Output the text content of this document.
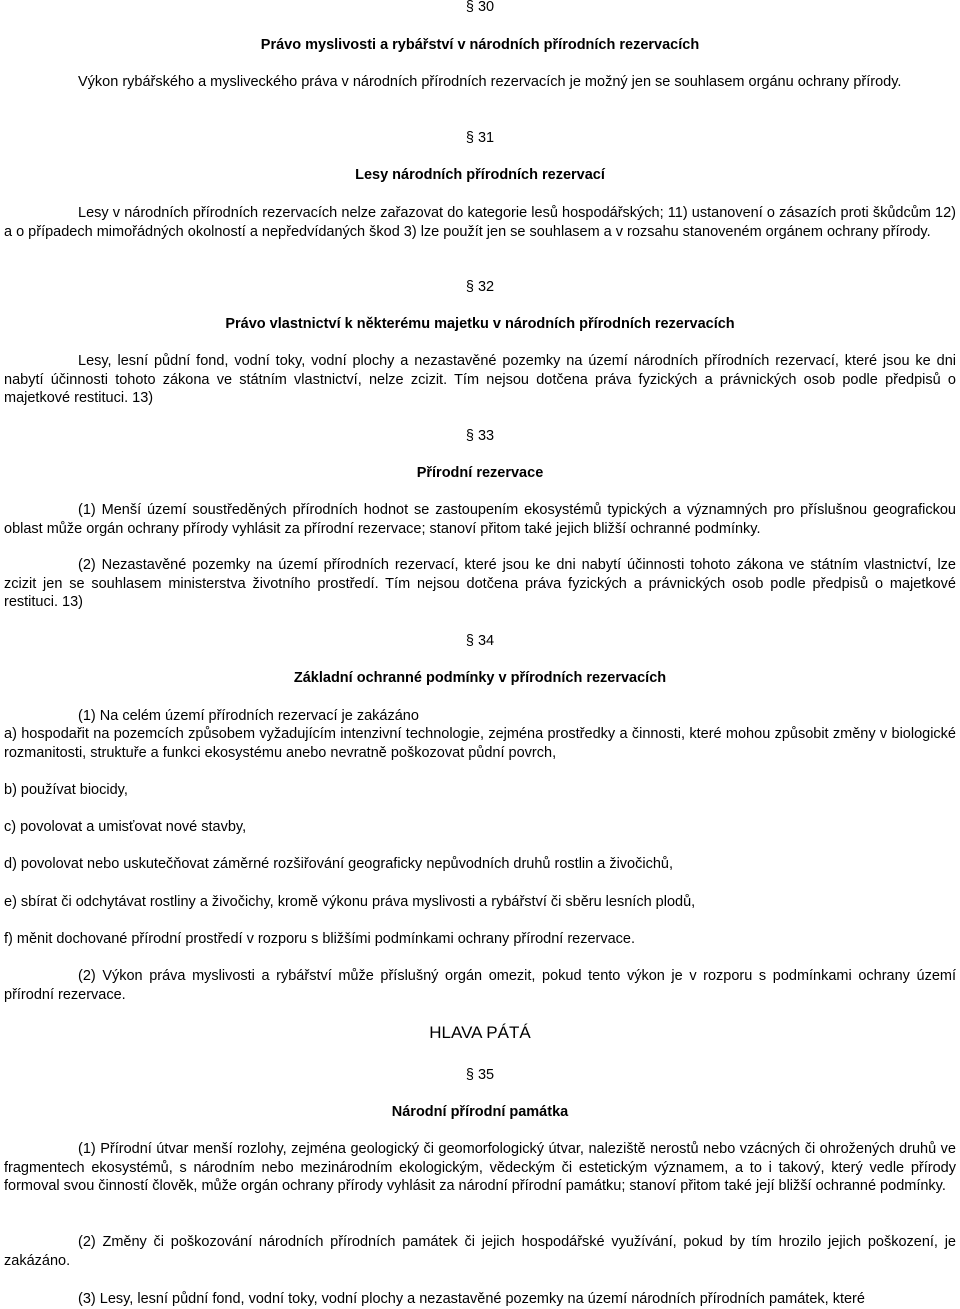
§ 30

Právo myslivosti a rybářství v národních přírodních rezervacích

Výkon rybářského a mysliveckého práva v národních přírodních rezervacích je možný jen se souhlasem orgánu ochrany přírody.

§ 31

Lesy národních přírodních rezervací

Lesy v národních přírodních rezervacích nelze zařazovat do kategorie lesů hospodářských; 11) ustanovení o zásazích proti škůdcům 12) a o případech mimořádných okolností a nepředvídaných škod 3) lze použít jen se souhlasem a v rozsahu stanoveném orgánem ochrany přírody.

§ 32

Právo vlastnictví k některému majetku v národních přírodních rezervacích

Lesy, lesní půdní fond, vodní toky, vodní plochy a nezastavěné pozemky na území národních přírodních rezervací, které jsou ke dni nabytí účinnosti tohoto zákona ve státním vlastnictví, nelze zcizit. Tím nejsou dotčena práva fyzických a právnických osob podle předpisů o majetkové restituci. 13)

§ 33

Přírodní rezervace

(1) Menší území soustředěných přírodních hodnot se zastoupením ekosystémů typických a významných pro příslušnou geografickou oblast může orgán ochrany přírody vyhlásit za přírodní rezervace; stanoví přitom také jejich bližší ochranné podmínky.

(2) Nezastavěné pozemky na území přírodních rezervací, které jsou ke dni nabytí účinnosti tohoto zákona ve státním vlastnictví, lze zcizit jen se souhlasem ministerstva životního prostředí. Tím nejsou dotčena práva fyzických a právnických osob podle předpisů o majetkové restituci. 13)

§ 34

Základní ochranné podmínky v přírodních rezervacích

(1) Na celém území přírodních rezervací je zakázáno

a) hospodařit na pozemcích způsobem vyžadujícím intenzivní technologie, zejména prostředky a činnosti, které mohou způsobit změny v biologické rozmanitosti, struktuře a funkci ekosystému anebo nevratně poškozovat půdní povrch,

b) používat biocidy,

c) povolovat a umisťovat nové stavby,

d) povolovat nebo uskutečňovat záměrné rozšiřování geograficky nepůvodních druhů rostlin a živočichů,

e) sbírat či odchytávat rostliny a živočichy, kromě výkonu práva myslivosti a rybářství či sběru lesních plodů,

f) měnit dochované přírodní prostředí v rozporu s bližšími podmínkami ochrany přírodní rezervace.

(2) Výkon práva myslivosti a rybářství může příslušný orgán omezit, pokud tento výkon je v rozporu s podmínkami ochrany území přírodní rezervace.

HLAVA PÁTÁ

§ 35

Národní přírodní památka

(1) Přírodní útvar menší rozlohy, zejména geologický či geomorfologický útvar, naleziště nerostů nebo vzácných či ohrožených druhů ve fragmentech ekosystémů, s národním nebo mezinárodním ekologickým, vědeckým či estetickým významem, a to i takový, který vedle přírody formoval svou činností člověk, může orgán ochrany přírody vyhlásit za národní přírodní památku; stanoví přitom také její bližší ochranné podmínky.

(2) Změny či poškozování národních přírodních památek či jejich hospodářské využívání, pokud by tím hrozilo jejich poškození, je zakázáno.

(3) Lesy, lesní půdní fond, vodní toky, vodní plochy a nezastavěné pozemky na území národních přírodních památek, které
